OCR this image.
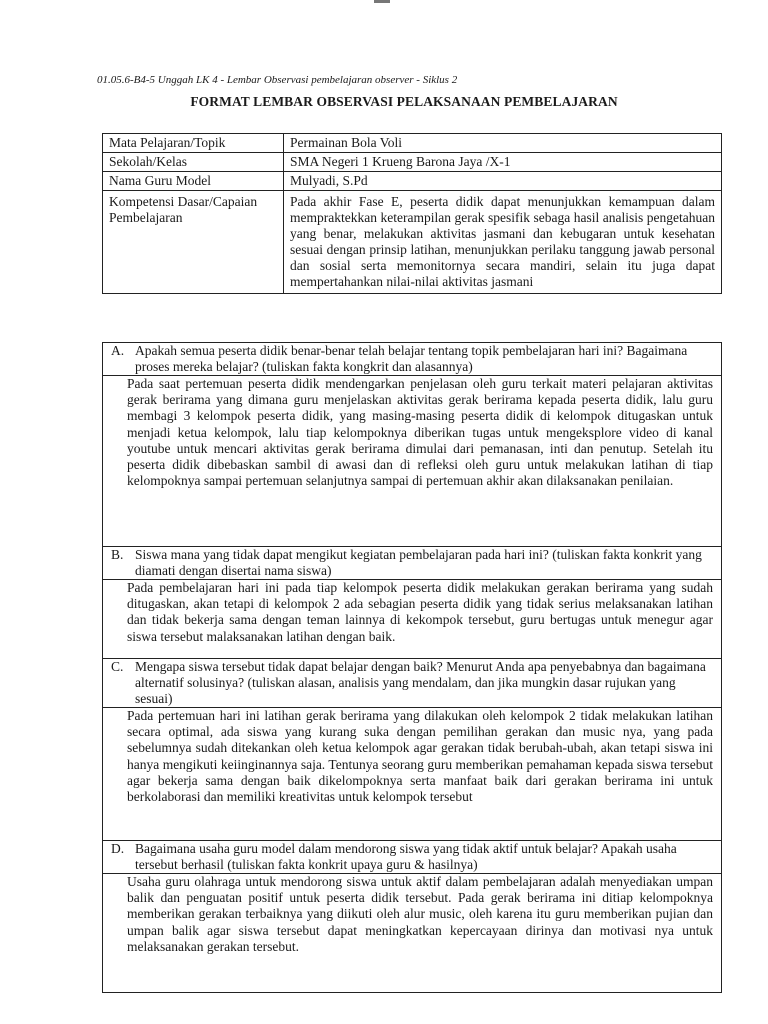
01.05.6-B4-5 Unggah LK 4 - Lembar Observasi pembelajaran observer - Siklus 2
FORMAT LEMBAR OBSERVASI PELAKSANAAN PEMBELAJARAN
Mata Pelajaran/Topik	Permainan Bola Voli
Sekolah/Kelas	SMA Negeri 1 Krueng Barona Jaya /X-1
Nama Guru Model	Mulyadi, S.Pd
Kompetensi Dasar/Capaian Pembelajaran	Pada akhir Fase E, peserta didik dapat menunjukkan kemampuan dalam mempraktekkan keterampilan gerak spesifik sebaga hasil analisis pengetahuan yang benar, melakukan aktivitas jasmani dan kebugaran untuk kesehatan sesuai dengan prinsip latihan, menunjukkan perilaku tanggung jawab personal dan sosial serta memonitornya secara mandiri, selain itu juga dapat mempertahankan nilai-nilai aktivitas jasmani
A. Apakah semua peserta didik benar-benar telah belajar tentang topik pembelajaran hari ini? Bagaimana proses mereka belajar? (tuliskan fakta kongkrit dan alasannya)

Pada saat pertemuan peserta didik mendengarkan penjelasan oleh guru terkait materi pelajaran aktivitas gerak berirama yang dimana guru menjelaskan aktivitas gerak berirama kepada peserta didik, lalu guru membagi 3 kelompok peserta didik, yang masing-masing peserta didik di kelompok ditugaskan untuk menjadi ketua kelompok, lalu tiap kelompoknya diberikan tugas untuk mengeksplore video di kanal youtube untuk mencari aktivitas gerak berirama dimulai dari pemanasan, inti dan penutup. Setelah itu peserta didik dibebaskan sambil di awasi dan di refleksi oleh guru untuk melakukan latihan di tiap kelompoknya sampai pertemuan selanjutnya sampai di pertemuan akhir akan dilaksanakan penilaian.

B. Siswa mana yang tidak dapat mengikut kegiatan pembelajaran pada hari ini? (tuliskan fakta konkrit yang diamati dengan disertai nama siswa)

Pada pembelajaran hari ini pada tiap kelompok peserta didik melakukan gerakan berirama yang sudah ditugaskan, akan tetapi di kelompok 2 ada sebagian peserta didik yang tidak serius melaksanakan latihan dan tidak bekerja sama dengan teman lainnya di kekompok tersebut, guru bertugas untuk menegur agar siswa tersebut malaksanakan latihan dengan baik.

C. Mengapa siswa tersebut tidak dapat belajar dengan baik? Menurut Anda apa penyebabnya dan bagaimana alternatif solusinya? (tuliskan alasan, analisis yang mendalam, dan jika mungkin dasar rujukan yang sesuai)

Pada pertemuan hari ini latihan gerak berirama yang dilakukan oleh kelompok 2 tidak melakukan latihan secara optimal, ada siswa yang kurang suka dengan pemilihan gerakan dan music nya, yang pada sebelumnya sudah ditekankan oleh ketua kelompok agar gerakan tidak berubah-ubah, akan tetapi siswa ini hanya mengikuti keiinginannya saja. Tentunya seorang guru memberikan pemahaman kepada siswa tersebut agar bekerja sama dengan baik dikelompoknya serta manfaat baik dari gerakan berirama ini untuk berkolaborasi dan memiliki kreativitas untuk kelompok tersebut

D. Bagaimana usaha guru model dalam mendorong siswa yang tidak aktif untuk belajar? Apakah usaha tersebut berhasil (tuliskan fakta konkrit upaya guru & hasilnya)

Usaha guru olahraga untuk mendorong siswa untuk aktif dalam pembelajaran adalah menyediakan umpan balik dan penguatan positif untuk peserta didik tersebut. Pada gerak berirama ini ditiap kelompoknya memberikan gerakan terbaiknya yang diikuti oleh alur music, oleh karena itu guru memberikan pujian dan umpan balik agar siswa tersebut dapat meningkatkan kepercayaan dirinya dan motivasi nya untuk melaksanakan gerakan tersebut.
